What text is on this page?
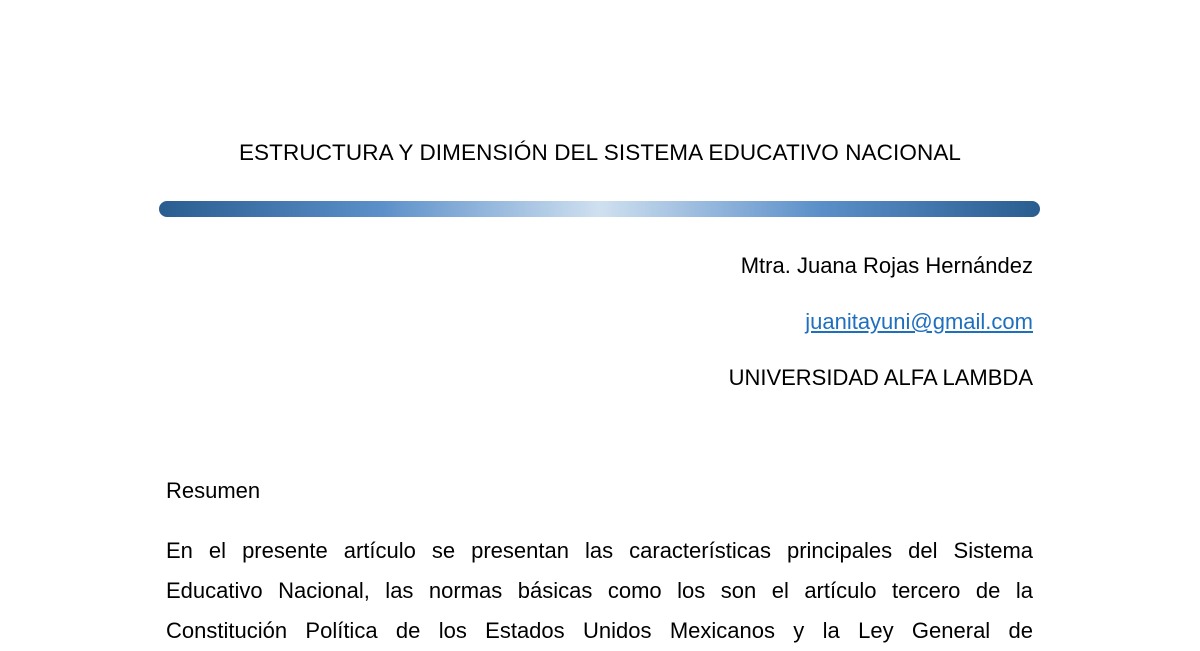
ESTRUCTURA Y DIMENSIÓN DEL SISTEMA EDUCATIVO NACIONAL
Mtra. Juana Rojas Hernández
juanitayuni@gmail.com
UNIVERSIDAD ALFA LAMBDA
Resumen
En el presente artículo se presentan las características principales del Sistema
Educativo Nacional, las normas básicas como los son el artículo tercero de la
Constitución Política de los Estados Unidos Mexicanos y la Ley General de
